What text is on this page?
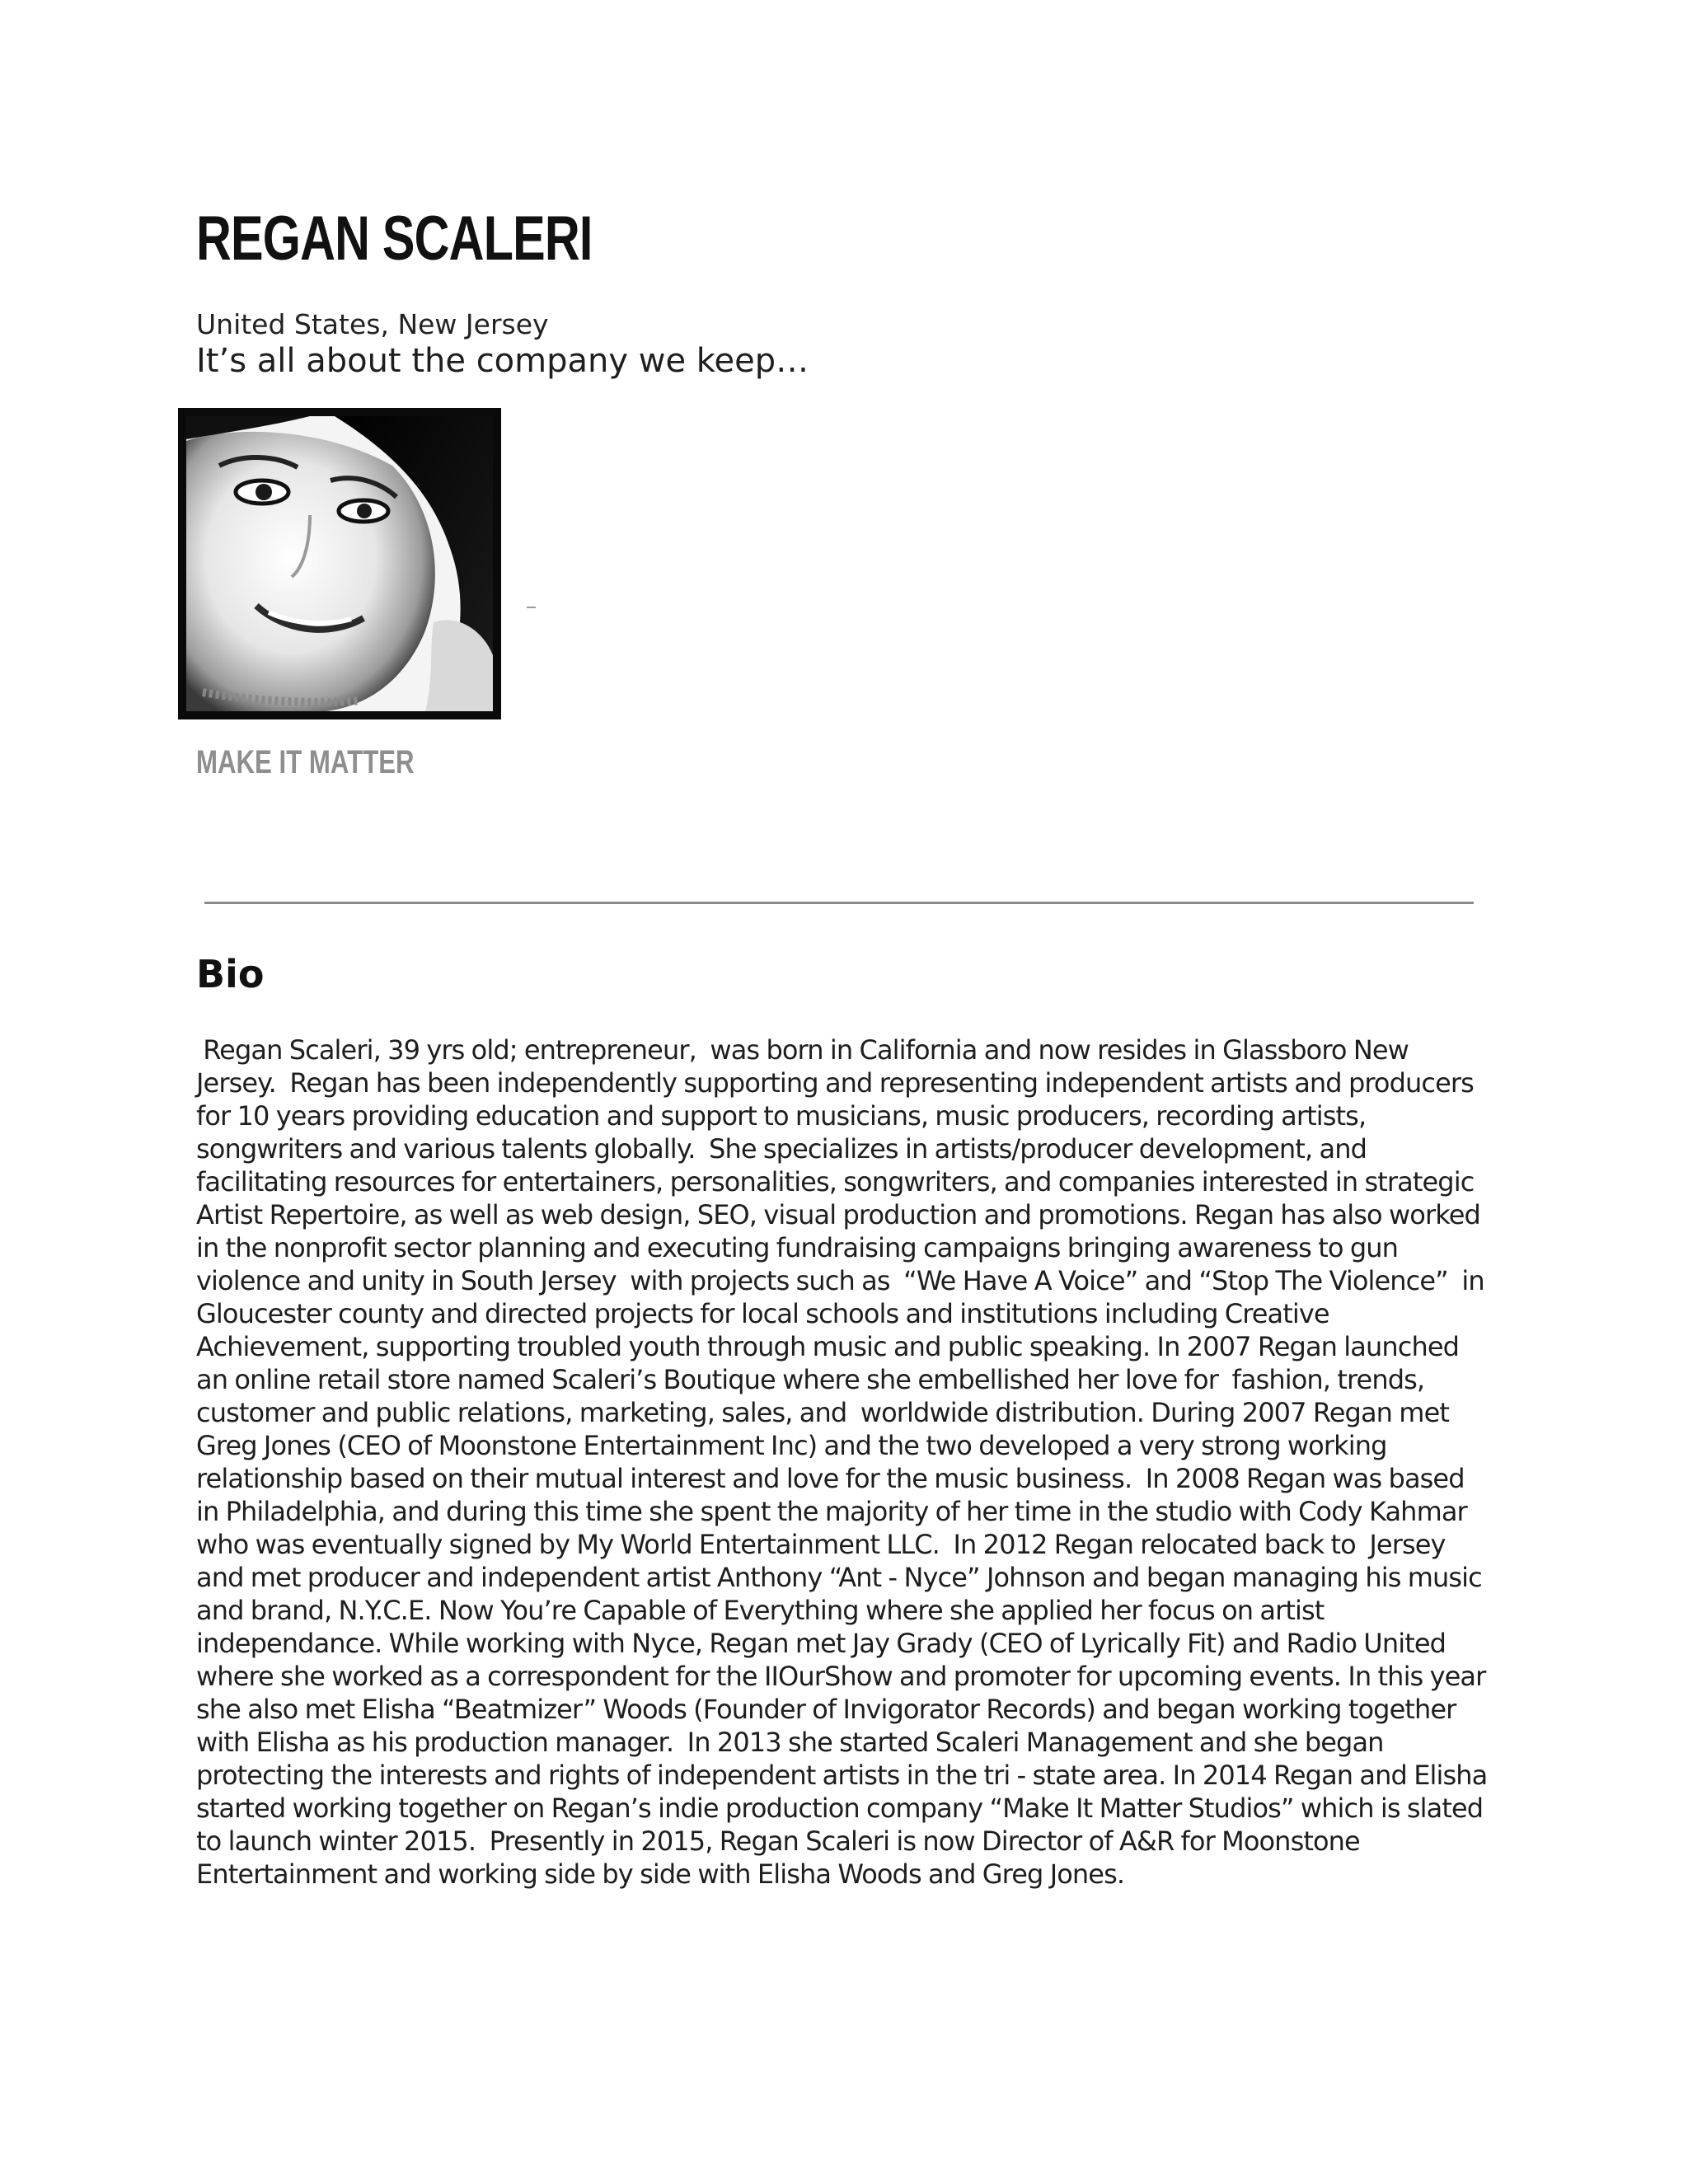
REGAN SCALERI
United States, New Jersey
It’s all about the company we keep…
MAKE IT MATTER
Bio

Regan Scaleri, 39 yrs old; entrepreneur,  was born in California and now resides in Glassboro New Jersey.  Regan has been independently supporting and representing independent artists and producers for 10 years providing education and support to musicians, music producers, recording artists, songwriters and various talents globally.  She specializes in artists/producer development, and facilitating resources for entertainers, personalities, songwriters, and companies interested in strategic Artist Repertoire, as well as web design, SEO, visual production and promotions. Regan has also worked in the nonprofit sector planning and executing fundraising campaigns bringing awareness to gun violence and unity in South Jersey  with projects such as  “We Have A Voice” and “Stop The Violence”  in Gloucester county and directed projects for local schools and institutions including Creative Achievement, supporting troubled youth through music and public speaking. In 2007 Regan launched an online retail store named Scaleri’s Boutique where she embellished her love for  fashion, trends, customer and public relations, marketing, sales, and  worldwide distribution. During 2007 Regan met Greg Jones (CEO of Moonstone Entertainment Inc) and the two developed a very strong working relationship based on their mutual interest and love for the music business.  In 2008 Regan was based in Philadelphia, and during this time she spent the majority of her time in the studio with Cody Kahmar who was eventually signed by My World Entertainment LLC.  In 2012 Regan relocated back to  Jersey and met producer and independent artist Anthony “Ant - Nyce” Johnson and began managing his music and brand, N.Y.C.E. Now You’re Capable of Everything where she applied her focus on artist independance. While working with Nyce, Regan met Jay Grady (CEO of Lyrically Fit) and Radio United where she worked as a correspondent for the IIOurShow and promoter for upcoming events. In this year she also met Elisha “Beatmizer” Woods (Founder of Invigorator Records) and began working together with Elisha as his production manager.  In 2013 she started Scaleri Management and she began protecting the interests and rights of independent artists in the tri - state area. In 2014 Regan and Elisha started working together on Regan’s indie production company “Make It Matter Studios” which is slated to launch winter 2015.  Presently in 2015, Regan Scaleri is now Director of A&R for Moonstone Entertainment and working side by side with Elisha Woods and Greg Jones.
